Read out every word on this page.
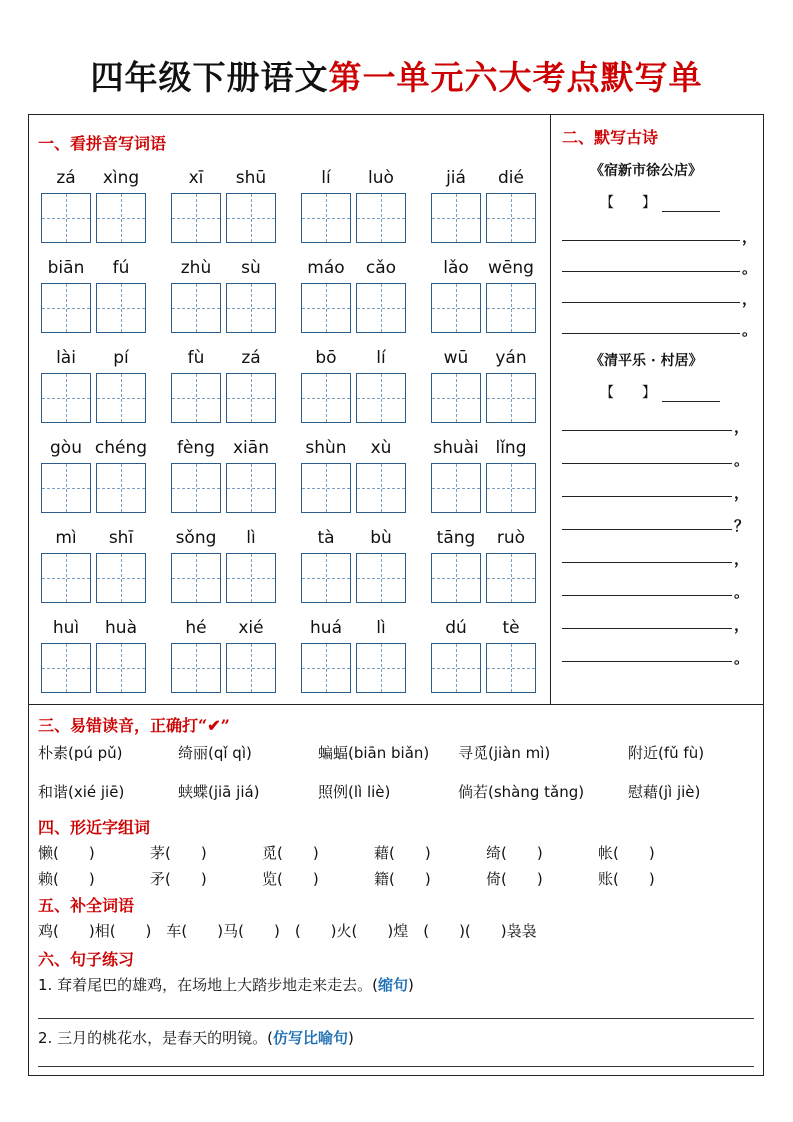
四年级下册语文第一单元六大考点默写单
一、看拼音写词语
zá	xìng	xī	shū	lí	luò	jiá	dié
biān	fú	zhù	sù	máo	cǎo	lǎo	wēng
lài	pí	fù	zá	bō	lí	wū	yán
gòu chéng	fèng	xiān	shùn	xù	shuài lǐng
mì	shī	sǒng	lì	tà	bù	tāng	ruò
huì	huà	hé	xié	huá	lì	dú	tè
二、默写古诗
《宿新市徐公店》
【　　】
，
。
，
。
《清平乐 · 村居》
【　　】
，
。
，
？
，
。
，
。
三、易错读音，正确打“✔”
朴素(pú pǔ)	绮丽(qǐ qì)	蝙蝠(biān biǎn) 寻觅(jiàn mì)	附近(fǔ fù)
和谐(xié jiē)	蛱蝶(jiā jiá)	照例(lì liè)	倘若(shàng tǎng)	慰藉(jì jiè)
四、形近字组词
懒(　　)	茅(　　)	觅(　　)	藉(　　)	绮(　　)	帐(　　)
赖(　　)	矛(　　)	览(　　)	籍(　　)	倚(　　)	账(　　)
五、补全词语
鸡(　　)相(　　)　车(　　)马(　　)　(　　)火(　　)煌　(　　)(　　)袅袅
六、句子练习
1. 耷着尾巴的雄鸡，在场地上大踏步地走来走去。(缩句)
2. 三月的桃花水，是春天的明镜。(仿写比喻句)
